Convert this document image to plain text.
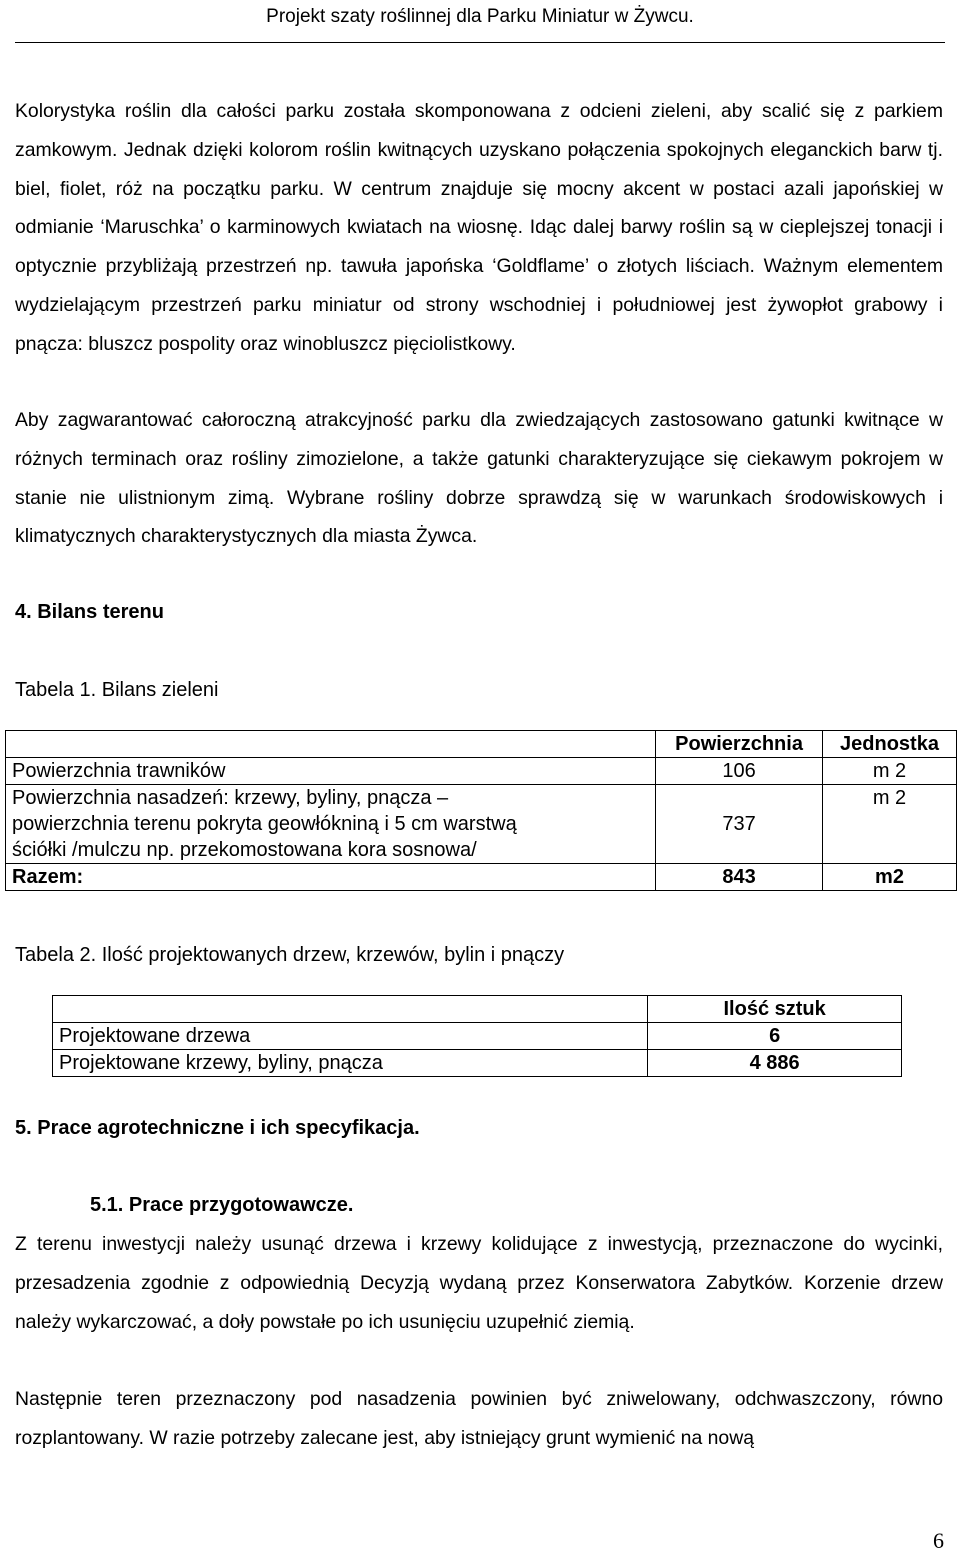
Projekt szaty roślinnej dla Parku Miniatur w Żywcu.

Kolorystyka roślin dla całości parku została skomponowana z odcieni zieleni, aby scalić się z parkiem zamkowym. Jednak dzięki kolorom roślin kwitnących uzyskano połączenia spokojnych eleganckich barw tj. biel, fiolet, róż na początku parku. W centrum znajduje się mocny akcent w postaci azali japońskiej w odmianie ‘Maruschka’ o karminowych kwiatach na wiosnę. Idąc dalej barwy roślin są w cieplejszej tonacji i optycznie przybliżają przestrzeń np. tawuła japońska ‘Goldflame’ o złotych liściach. Ważnym elementem wydzielającym przestrzeń parku miniatur od strony wschodniej i południowej jest żywopłot grabowy i pnącza: bluszcz pospolity oraz winobluszcz pięciolistkowy.

Aby zagwarantować całoroczną atrakcyjność parku dla zwiedzających zastosowano gatunki kwitnące w różnych terminach oraz rośliny zimozielone, a także gatunki charakteryzujące się ciekawym pokrojem w stanie nie ulistnionym zimą. Wybrane rośliny dobrze sprawdzą się w warunkach środowiskowych i klimatycznych charakterystycznych dla miasta Żywca.

4. Bilans terenu

Tabela 1. Bilans zieleni

	Powierzchnia	Jednostka
Powierzchnia trawników	106	m 2

Powierzchnia nasadzeń: krzewy, byliny, pnącza –
powierzchnia terenu pokryta geowłókniną i 5 cm warstwą
ściółki /mulczu np. przekomostowana kora sosnowa/	737	m 2
Razem:	843	m2

Tabela 2. Ilość projektowanych drzew, krzewów, bylin i pnączy

	Ilość sztuk
Projektowane drzewa	6
Projektowane krzewy, byliny, pnącza	4 886
5. Prace agrotechniczne i ich specyfikacja.
5.1. Prace przygotowawcze.

Z terenu inwestycji należy usunąć drzewa i krzewy kolidujące z inwestycją, przeznaczone do wycinki, przesadzenia zgodnie z odpowiednią Decyzją wydaną przez Konserwatora Zabytków. Korzenie drzew należy wykarczować, a doły powstałe po ich usunięciu uzupełnić ziemią.

Następnie teren przeznaczony pod nasadzenia powinien być zniwelowany, odchwaszczony, równo rozplantowany. W razie potrzeby zalecane jest, aby istniejący grunt wymienić na nową

6
